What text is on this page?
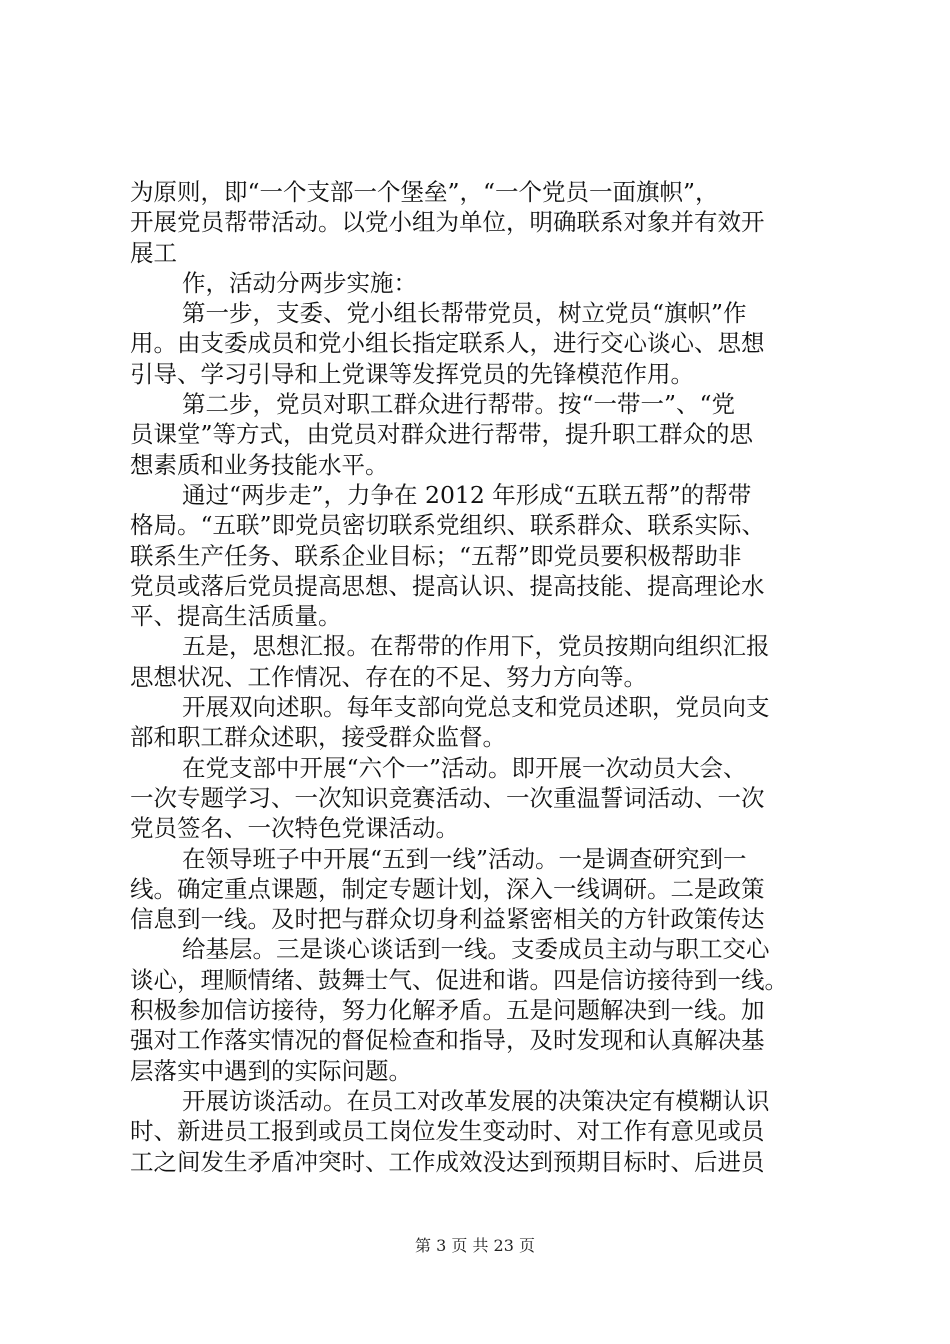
为原则，即“一个支部一个堡垒”，“一个党员一面旗帜”，
开展党员帮带活动。以党小组为单位，明确联系对象并有效开
展工
作，活动分两步实施：
第一步，支委、党小组长帮带党员，树立党员“旗帜”作
用。由支委成员和党小组长指定联系人，进行交心谈心、思想
引导、学习引导和上党课等发挥党员的先锋模范作用。
第二步，党员对职工群众进行帮带。按“一带一”、“党
员课堂”等方式，由党员对群众进行帮带，提升职工群众的思
想素质和业务技能水平。
通过“两步走”，力争在 2012 年形成“五联五帮”的帮带
格局。“五联”即党员密切联系党组织、联系群众、联系实际、
联系生产任务、联系企业目标；“五帮”即党员要积极帮助非
党员或落后党员提高思想、提高认识、提高技能、提高理论水
平、提高生活质量。
五是，思想汇报。在帮带的作用下，党员按期向组织汇报
思想状况、工作情况、存在的不足、努力方向等。
开展双向述职。每年支部向党总支和党员述职，党员向支
部和职工群众述职，接受群众监督。
在党支部中开展“六个一”活动。即开展一次动员大会、
一次专题学习、一次知识竞赛活动、一次重温誓词活动、一次
党员签名、一次特色党课活动。
在领导班子中开展“五到一线”活动。一是调查研究到一
线。确定重点课题，制定专题计划，深入一线调研。二是政策
信息到一线。及时把与群众切身利益紧密相关的方针政策传达
给基层。三是谈心谈话到一线。支委成员主动与职工交心
谈心，理顺情绪、鼓舞士气、促进和谐。四是信访接待到一线。
积极参加信访接待，努力化解矛盾。五是问题解决到一线。加
强对工作落实情况的督促检查和指导，及时发现和认真解决基
层落实中遇到的实际问题。
开展访谈活动。在员工对改革发展的决策决定有模糊认识
时、新进员工报到或员工岗位发生变动时、对工作有意见或员
工之间发生矛盾冲突时、工作成效没达到预期目标时、后进员
第 3 页 共 23 页
